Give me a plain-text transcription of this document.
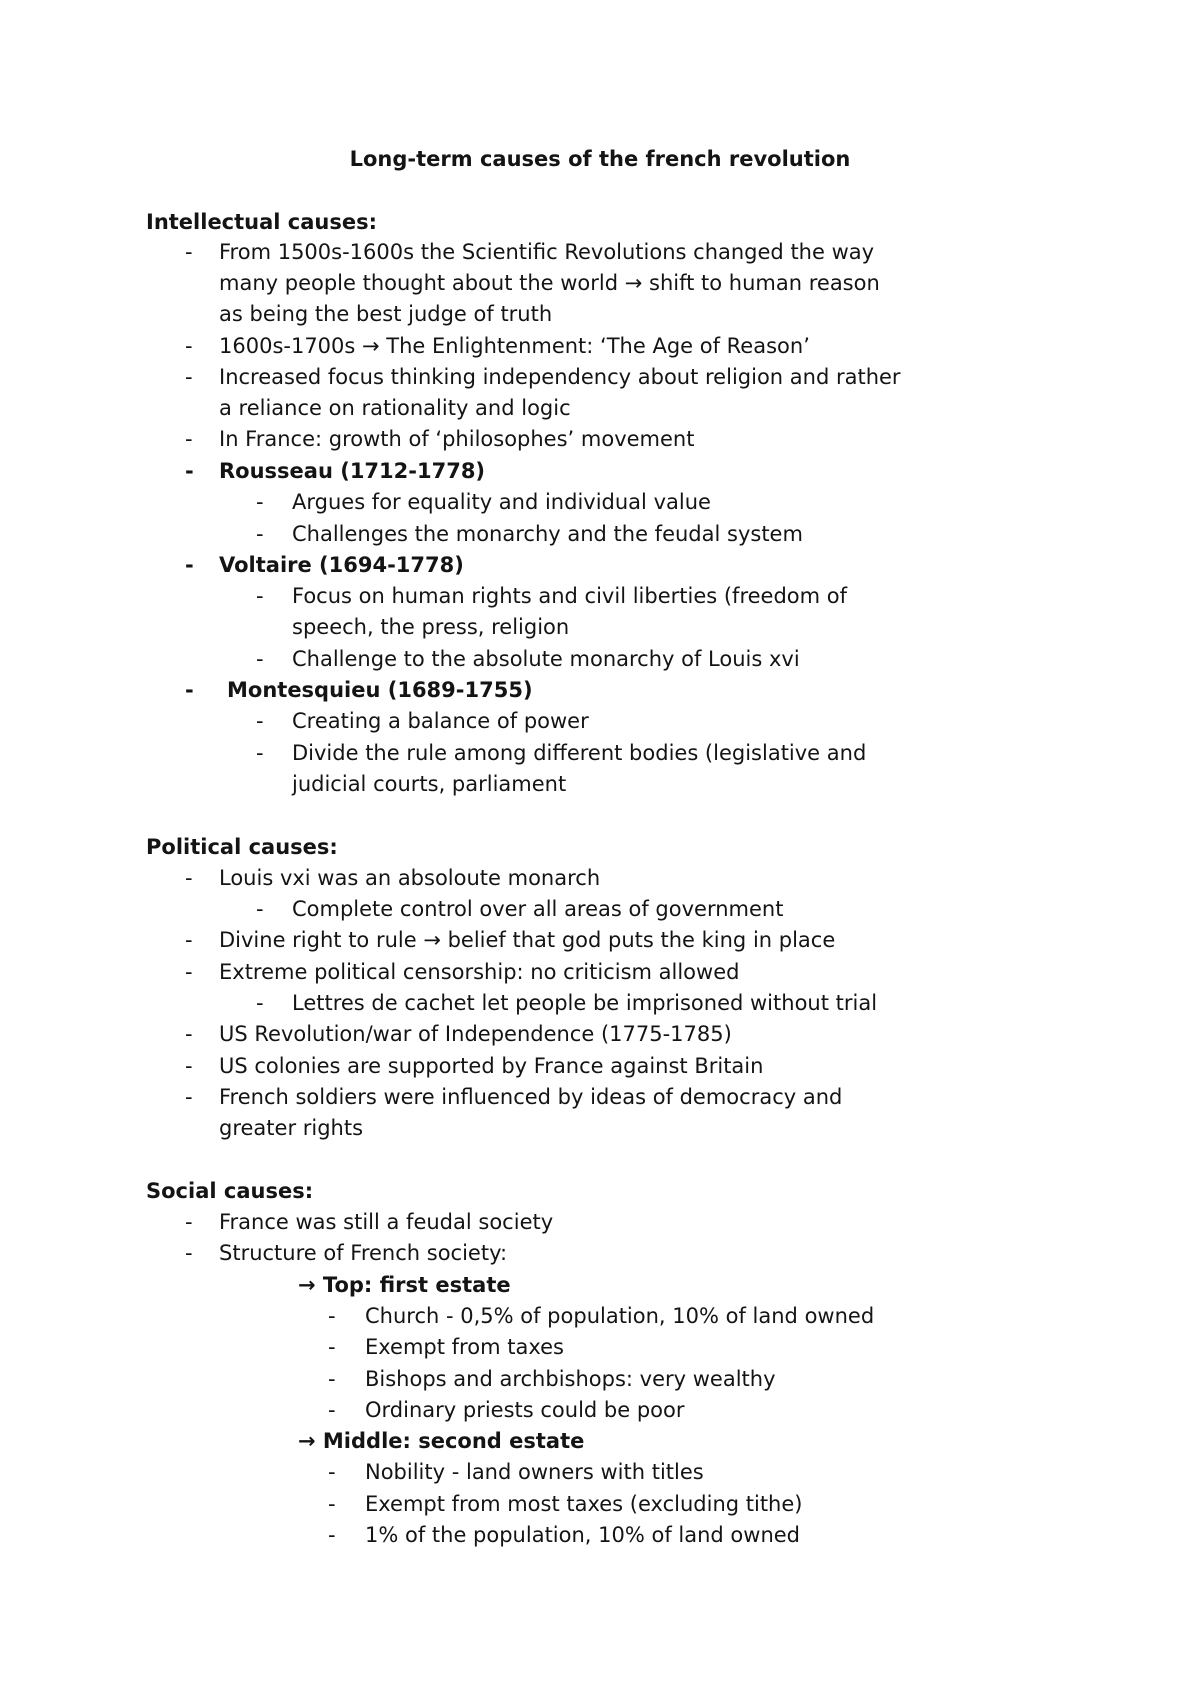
Long-term causes of the french revolution
Intellectual causes:
- From 1500s-1600s the Scientific Revolutions changed the way
many people thought about the world → shift to human reason
as being the best judge of truth
- 1600s-1700s → The Enlightenment: ‘The Age of Reason’
- Increased focus thinking independency about religion and rather
a reliance on rationality and logic
- In France: growth of ‘philosophes’ movement
- Rousseau (1712-1778)
- Argues for equality and individual value
- Challenges the monarchy and the feudal system
- Voltaire (1694-1778)
- Focus on human rights and civil liberties (freedom of
speech, the press, religion
- Challenge to the absolute monarchy of Louis xvi
- Montesquieu (1689-1755)
- Creating a balance of power
- Divide the rule among different bodies (legislative and
judicial courts, parliament
Political causes:
- Louis vxi was an absoloute monarch
- Complete control over all areas of government
- Divine right to rule → belief that god puts the king in place
- Extreme political censorship: no criticism allowed
- Lettres de cachet let people be imprisoned without trial
- US Revolution/war of Independence (1775-1785)
- US colonies are supported by France against Britain
- French soldiers were influenced by ideas of democracy and
greater rights
Social causes:
- France was still a feudal society
- Structure of French society:
→ Top: first estate
- Church - 0,5% of population, 10% of land owned
- Exempt from taxes
- Bishops and archbishops: very wealthy
- Ordinary priests could be poor
→ Middle: second estate
- Nobility - land owners with titles
- Exempt from most taxes (excluding tithe)
- 1% of the population, 10% of land owned
